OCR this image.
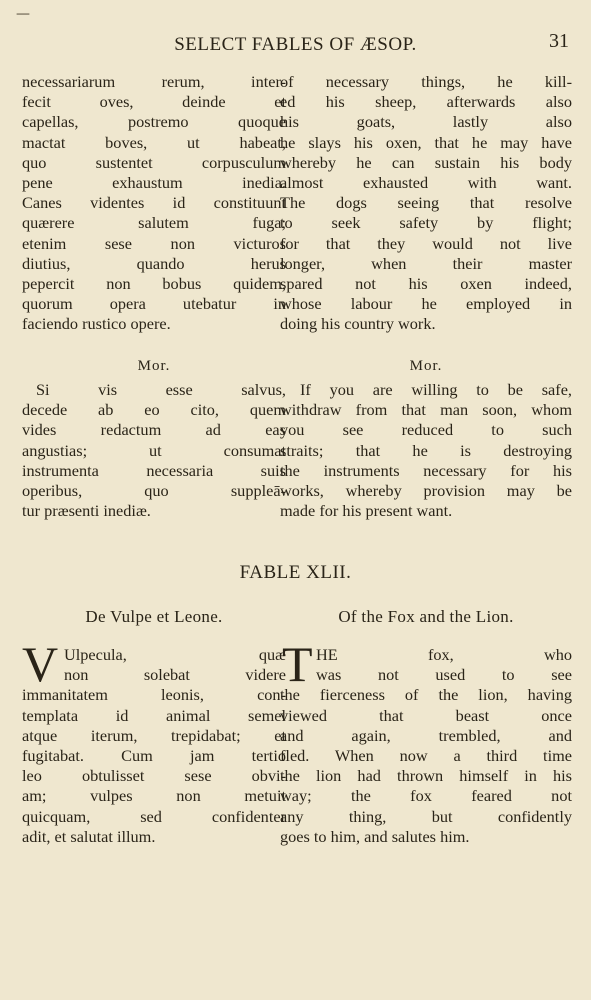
—
SELECT FABLES OF ÆSOP.	31
necessariarum rerum, inter-
fecit oves, deinde et
capellas, postremo quoque
mactat boves, ut habeat,
quo sustentet corpusculum
pene exhaustum inedia.
Canes videntes id constituunt
quærere salutem fuga;
etenim sese non victuros
diutius, quando herus
pepercit non bobus quidem,
quorum opera utebatur in
faciendo rustico opere.
of necessary things, he kill-
ed his sheep, afterwards also
his goats, lastly also
he slays his oxen, that he may have
whereby he can sustain his body
almost exhausted with want.
The dogs seeing that resolve
to seek safety by flight;
for that they would not live
longer, when their master
spared not his oxen indeed,
whose labour he employed in
doing his country work.
Mor.	Mor.
Si vis esse salvus,
decede ab eo cito, quem
vides redactum ad eas
angustias; ut consumat
instrumenta necessaria suis
operibus, quo suppleā-
tur præsenti inediæ.
If you are willing to be safe,
withdraw from that man soon, whom
you see reduced to such
straits; that he is destroying
the instruments necessary for his
works, whereby provision may be
made for his present want.
FABLE XLII.
De Vulpe et Leone.	Of the Fox and the Lion.
V Ulpecula, quæ
non solebat videre
immanitatem leonis, con-
templata id animal semel
atque iterum, trepidabat; et
fugitabat. Cum jam tertio
leo obtulisset sese obvi-
am; vulpes non metuit
quicquam, sed confidenter
adit, et salutat illum.
T HE fox, who
was not used to see
the fierceness of the lion, having
viewed that beast once
and again, trembled, and
fled. When now a third time
the lion had thrown himself in his
way; the fox feared not
any thing, but confidently
goes to him, and salutes him.
